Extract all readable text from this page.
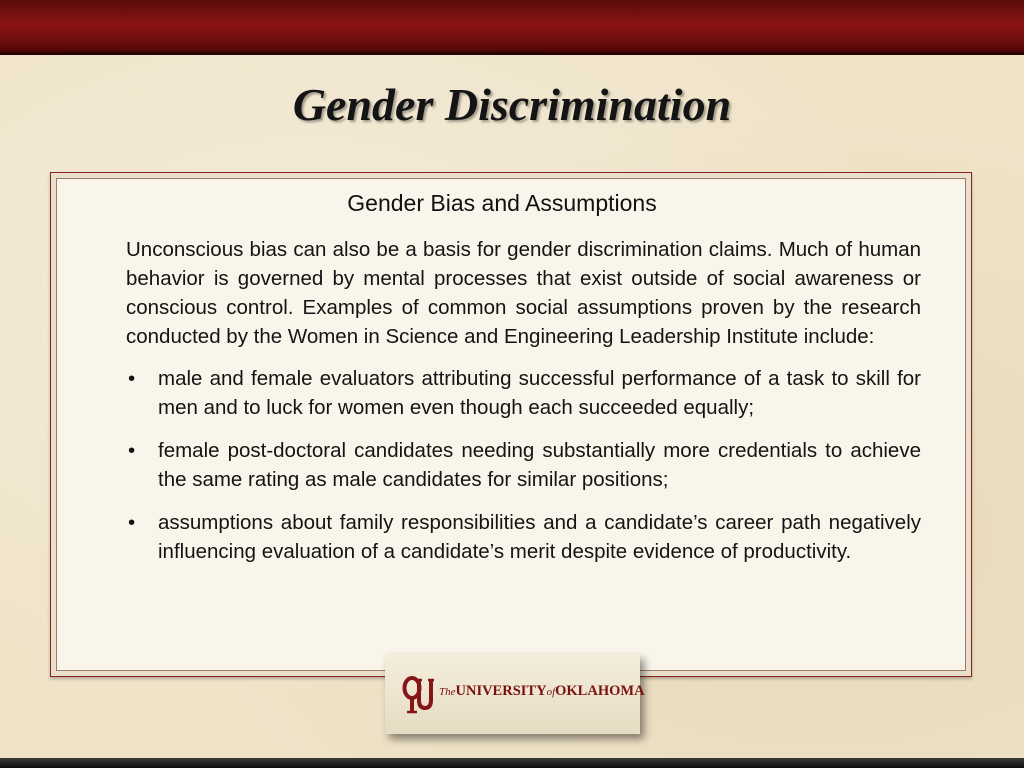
Gender Discrimination
Gender Bias and Assumptions

Unconscious bias can also be a basis for gender discrimination claims. Much of human behavior is governed by mental processes that exist outside of social awareness or conscious control. Examples of common social assumptions proven by the research conducted by the Women in Science and Engineering Leadership Institute include:

• male and female evaluators attributing successful performance of a task to skill for men and to luck for women even though each succeeded equally;
• female post-doctoral candidates needing substantially more credentials to achieve the same rating as male candidates for similar positions;
• assumptions about family responsibilities and a candidate’s career path negatively influencing evaluation of a candidate’s merit despite evidence of productivity.
TheUNIVERSITYofOKLAHOMA
